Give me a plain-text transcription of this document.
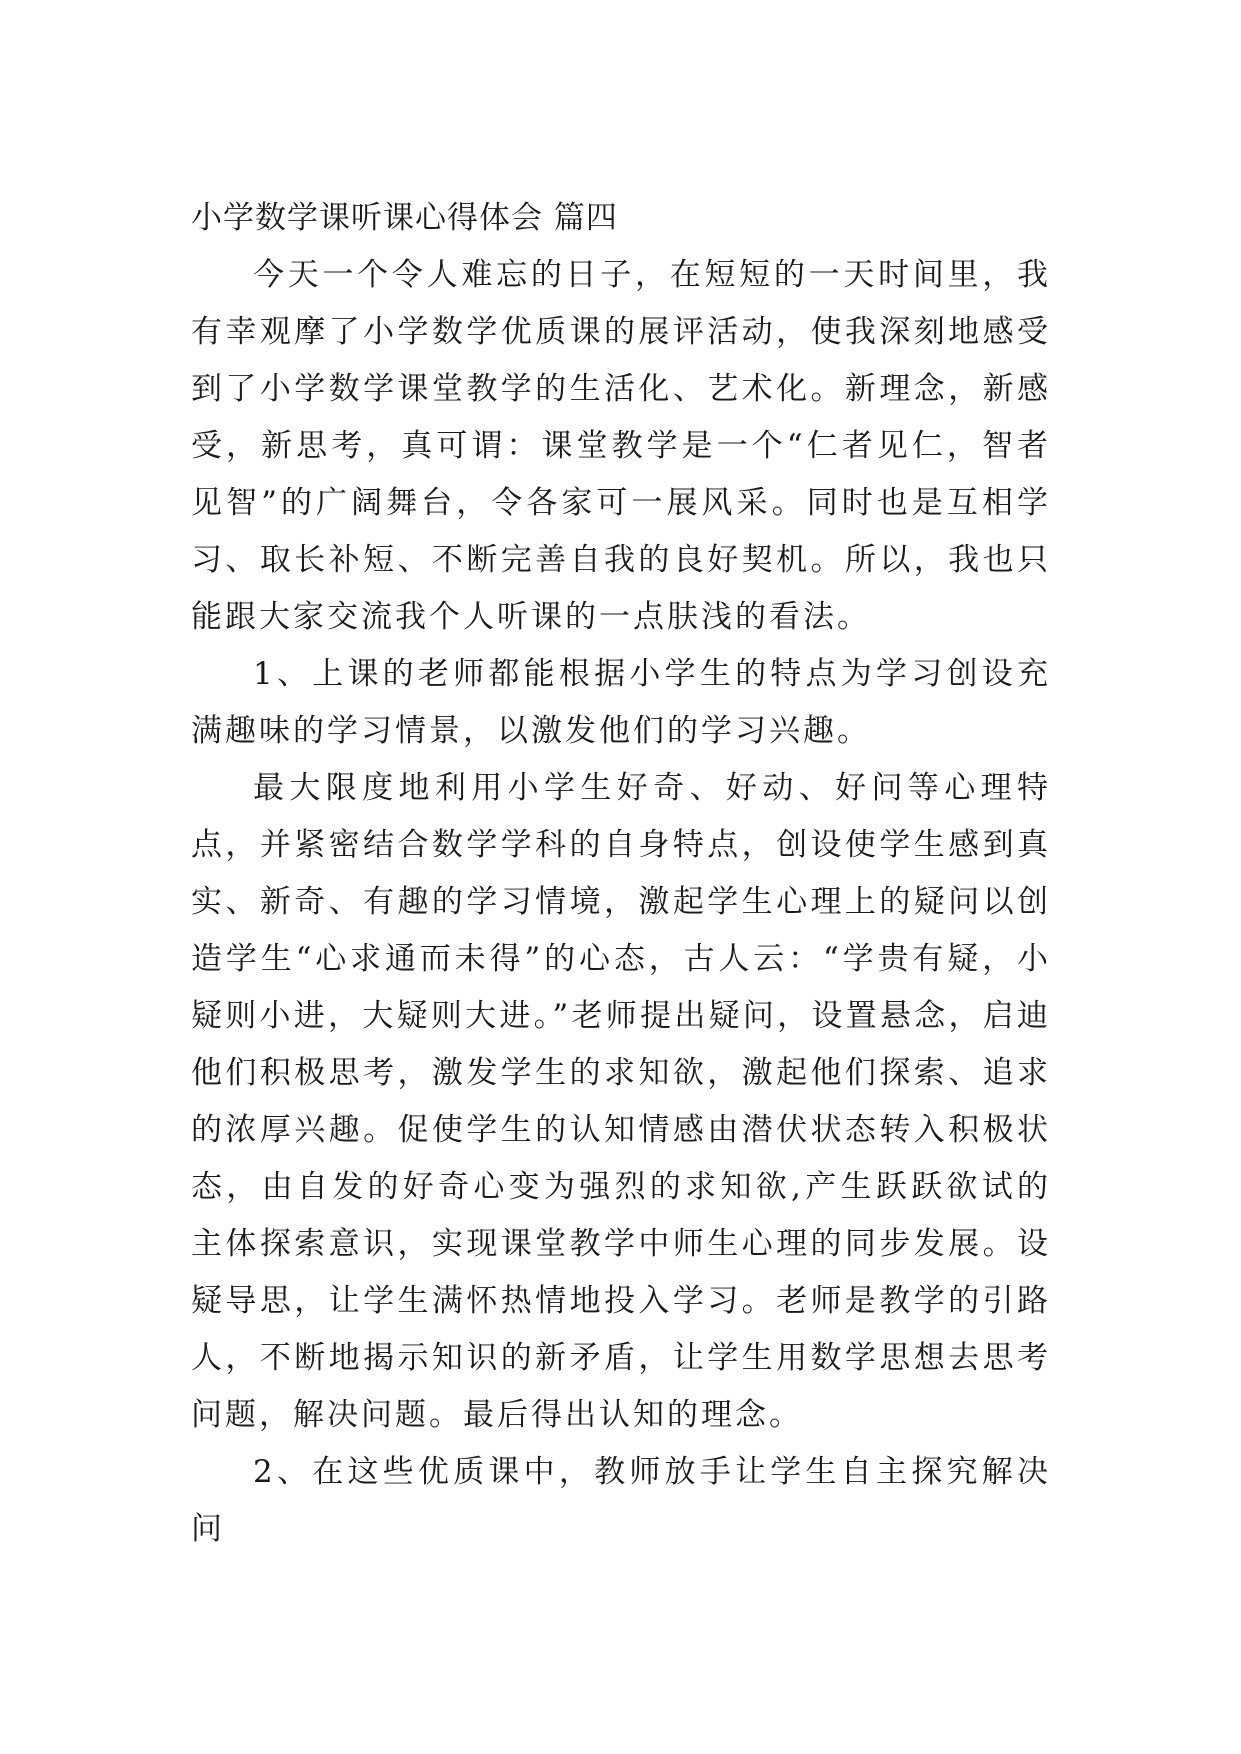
小学数学课听课心得体会 篇四

今天一个令人难忘的日子，在短短的一天时间里，我有幸观摩了小学数学优质课的展评活动，使我深刻地感受到了小学数学课堂教学的生活化、艺术化。新理念，新感受，新思考，真可谓：课堂教学是一个“仁者见仁，智者见智”的广阔舞台，令各家可一展风采。同时也是互相学习、取长补短、不断完善自我的良好契机。所以，我也只能跟大家交流我个人听课的一点肤浅的看法。

1、上课的老师都能根据小学生的特点为学习创设充满趣味的学习情景，以激发他们的学习兴趣。

最大限度地利用小学生好奇、好动、好问等心理特点，并紧密结合数学学科的自身特点，创设使学生感到真实、新奇、有趣的学习情境，激起学生心理上的疑问以创造学生“心求通而未得”的心态，古人云：“学贵有疑，小疑则小进，大疑则大进。”老师提出疑问，设置悬念，启迪他们积极思考，激发学生的求知欲，激起他们探索、追求的浓厚兴趣。促使学生的认知情感由潜伏状态转入积极状态，由自发的好奇心变为强烈的求知欲,产生跃跃欲试的主体探索意识，实现课堂教学中师生心理的同步发展。设疑导思，让学生满怀热情地投入学习。老师是教学的引路人，不断地揭示知识的新矛盾，让学生用数学思想去思考问题，解决问题。最后得出认知的理念。

2、在这些优质课中，教师放手让学生自主探究解决问
